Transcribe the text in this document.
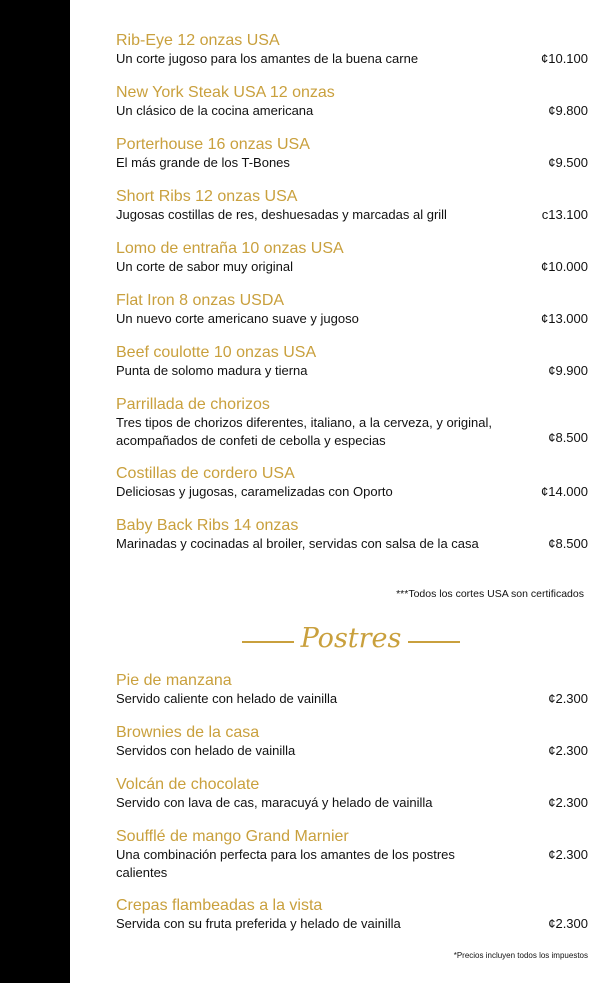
Rib-Eye 12 onzas USA
Un corte jugoso para los amantes de la buena carne	¢10.100
New York Steak USA 12 onzas
Un clásico de la cocina americana	¢9.800
Porterhouse 16 onzas USA
El más grande de los T-Bones	¢9.500
Short Ribs 12 onzas USA
Jugosas costillas de res, deshuesadas y marcadas al grill	c13.100
Lomo de entraña 10 onzas USA
Un corte de sabor muy original	¢10.000
Flat Iron 8 onzas USDA
Un nuevo corte americano suave y jugoso	¢13.000
Beef coulotte 10 onzas USA
Punta de solomo madura y tierna	¢9.900
Parrillada de chorizos
Tres tipos de chorizos diferentes, italiano, a la cerveza, y original, acompañados de confeti de cebolla y especias	¢8.500
Costillas de cordero USA
Deliciosas y jugosas, caramelizadas con Oporto	¢14.000
Baby Back Ribs 14 onzas
Marinadas y cocinadas al broiler, servidas con salsa de la casa	¢8.500
***Todos los cortes USA son certificados
Pie de manzana
Servido caliente con helado de vainilla	¢2.300
Brownies de la casa
Servidos con helado de vainilla	¢2.300
Volcán de chocolate
Servido con lava de cas, maracuyá y helado de vainilla	¢2.300
Soufflé de mango Grand Marnier
Una combinación perfecta para los amantes de los postres calientes
¢2.300
Crepas flambeadas a la vista
Servida con su fruta preferida y helado de vainilla	¢2.300
*Precios incluyen todos los impuestos
Postres
